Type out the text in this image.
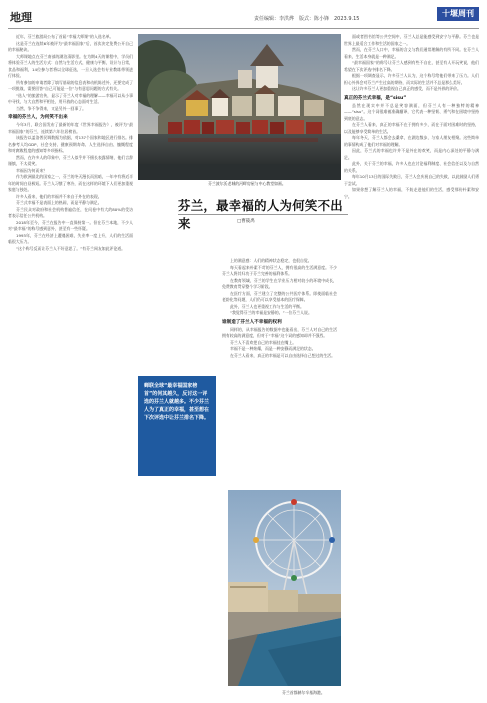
地理	责任编辑：李洪烨　版式：陈小锋　2023.9.15
十堰周刊

近年，芬兰旅游局公布了首届“幸福大师课”的入选名单。

这是芬兰在连续6年被评为“最幸福国家”后，首次决定免费公开自己的幸福秘诀。

大师课地点在芬兰南部的湖泊清影里。在为期4天的课程中，学员们将体验芬兰人的生活方式：自然与生活方式，健康与平衡，设计与日常，食品和福利，14位参与者将以全球征选，一旦入选会有专业教练带领进行体验。

所有参加的申请者除了填写基础的信息表和动机陈述外，还要完成了一项挑战，需要回答“自己可能是一位”与有意思问题的方式有关。

“选人”的旅游宣传，显示了芬兰人对幸福的理解——幸福可以从小事中寻找，与大自然和平相处，用开放的心态面对生活。

当然，争不争得来，又是另外一回事了。

幸福的芬兰人，为何笑不出来

今年3月，联合国发布了最新的年度《世界幸福报告》，被评为“最幸福国家”的芬兰，连续第六年位居榜首。

该报告以盖洛普民调数据为依据，对137个国家和地区进行排名。排名参考人均GDP、社会支持、健康预期寿命、人生选择自由、慷慨程度和对腐败程度的感知等多项指标。

然而，在许多人的印象中，芬兰人似乎并不擅长表露情绪，他们言辞谨慎，不太爱笑。

幸福因为何而来？

作为欧洲最北的国家之一，芬兰的冬天漫长而黑暗，一年中有将近半年的时间白昼极短。芬兰人习惯了寒冷，而在这样的环境下人们更加重视家庭与独处。

许多人看来，他们的幸福并不来自于外在的表现。

芬兰式幸福不是表面上的热闹，而是平静与满足。

芬兰民众对政府和社会机构普遍信任，在问卷中有大约80%的受访者表示信任公共机构。

2018年至今，芬兰在报告中一直保持第一。但在芬兰本地，不少人对“最幸福”的称号感到意外，甚至有一些怀疑。

1993年，芬兰在经济上遭遇困难，失业率一度上升，人们的生活面临很大压力。

“这个称号反而让芬兰人不好意思了。”有芬兰网友如此评论道。

芬兰波尔沃老城的河畔房屋与中心教堂如画。
芬兰，最幸福的人为何笑不出来	□曹筱禹

上的满意感：人们的精神状态稳定，也很自觉。

每天看起来朴素不苛的芬兰人，拥有很高的生活满意度。不少芬兰人将其归功于芬兰完善的福利体系。

在教育领域，芬兰的学生在学业压力相对较小的环境中成长，免费教育贯穿整个学习阶段。

在医疗方面，芬兰建立了完整的公共医疗体系。即使面临社会老龄化等问题，人们仍可以享受基本的医疗保障。

此外，芬兰人也更重视工作与生活的平衡。

“我觉得芬兰的幸福是安静的。”一位芬兰人说。

谁制造了芬兰人不幸福的权利

同样的，从幸福报告的数据中也能看出，芬兰人对自己的生活拥有较高的满意度，但对于“幸福”这个词的感知却并不强烈。

芬兰人不喜欢把自己的幸福挂在嘴上。

幸福不是一种炫耀，而是一种安静而满足的状态。

在芬兰人看来，真正的幸福是可以自由选择自己想过的生活。

蝉联全球“最幸福国家榜首”的何其越久，反讨这一评选的芬兰人就越多。不少芬兰人为了真正的幸福，甚至想在下次评选中让芬兰排名下降。
芬兰首都赫尔辛基海港。

面或者图书馆等公共空间中，芬兰人总是能感受到安宁与平静。芬兰也是世界上最适合工作和生活的国家之一。

然而，在芬兰人口中，幸福的含义与我们通常理解的有所不同。在芬兰人看来，生活本身就是一种满足。

“最幸福国家”的称号让芬兰人感到有些不自在，甚至有人开玩笑说，他们希望在下次评选中排名下降。

根据一项调查显示，许多芬兰人认为，这个称号给他们带来了压力。人们担心外界会对芬兰产生过高的期待，而实际的生活并不总是那么美好。

这让许多芬兰人更加重视自己真正的感受，而不是外界的评价。

真正的芬兰式幸福，是“sisu”

虽然在现实中并不总是笑容满面，但芬兰人有一种独特的精神——“sisu”。这个词很难被准确翻译，它代表一种坚韧、勇气和在困境中坚持到底的意志。

在芬兰人看来，真正的幸福不在于拥有多少，而在于面对困难时的坚持，以及能够享受简单的生活。

每年冬天，芬兰人都会去桑拿，在湖边散步，与家人朋友相聚。这些简单的事情构成了他们对幸福的理解。

因此，芬兰式的幸福也许并不是外在的欢笑，而是内心深处的平静与满足。

此外，关于芬兰的幸福，许多人也在讨论福利制度、社会信任以及与自然的关系。

每年10月13日的国际失败日，芬兰人会庆祝自己的失败，以此鼓励人们勇于尝试。

如果你想了解芬兰人的幸福，不妨走进他们的生活，感受那份朴素和安宁。
